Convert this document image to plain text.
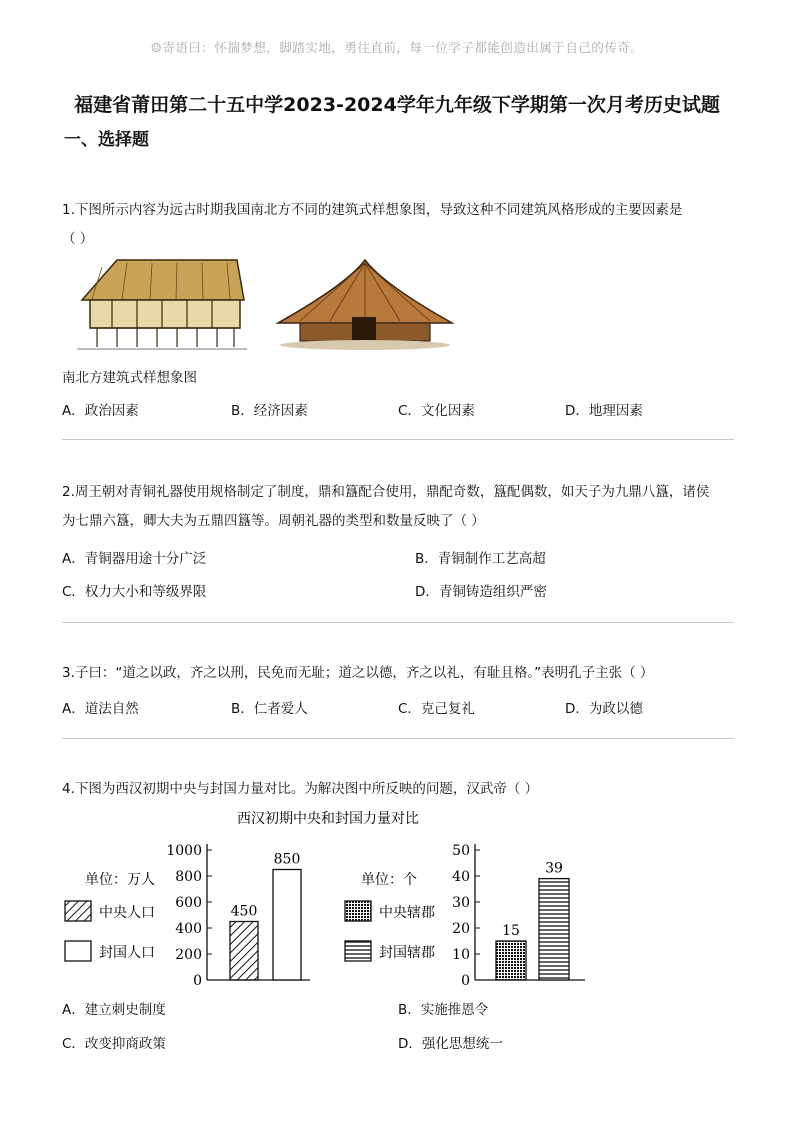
☺寄语曰：怀揣梦想，脚踏实地，勇往直前，每一位学子都能创造出属于自己的传奇。
福建省莆田第二十五中学2023-2024学年九年级下学期第一次月考历史试题
一、选择题
1.下图所示内容为远古时期我国南北方不同的建筑式样想象图，导致这种不同建筑风格形成的主要因素是
（ ）
南北方建筑式样想象图
A．政治因素	B．经济因素	C．文化因素	D．地理因素
2.周王朝对青铜礼器使用规格制定了制度，鼎和簋配合使用，鼎配奇数，簋配偶数，如天子为九鼎八簋，诸侯
为七鼎六簋，卿大夫为五鼎四簋等。周朝礼器的类型和数量反映了（ ）
A．青铜器用途十分广泛	B．青铜制作工艺高超
C．权力大小和等级界限	D．青铜铸造组织严密
3.子曰：“道之以政，齐之以刑，民免而无耻；道之以德，齐之以礼，有耻且格。”表明孔子主张（ ）
A．道法自然	B．仁者爱人	C．克己复礼	D．为政以德
4.下图为西汉初期中央与封国力量对比。为解决图中所反映的问题，汉武帝（ ）
西汉初期中央和封国力量对比
0
200
400
600
800
1000
单位：万人
中央人口
封国人口
450
850
0
10
20
30
40
50
单位：个
中央辖郡
封国辖郡
15
39
A．建立刺史制度	B．实施推恩令
C．改变抑商政策	D．强化思想统一
